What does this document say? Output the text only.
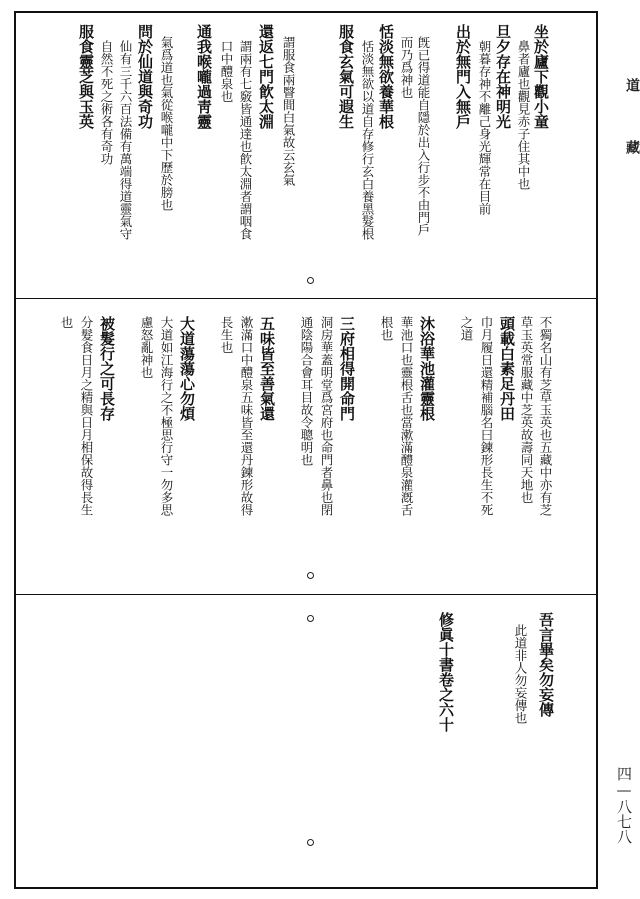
坐於廬下觀小童
鼻者廬也觀見赤子住其中也
旦夕存在神明光
朝暮存神不離己身光輝常在目前
出於無門入無戶
旣已得道能自隱於出入行步不由門戶
而乃爲神也
恬淡無欲養華根
恬淡無欲以道自存修行玄白養黑髮根
服食玄氣可遐生
謂服食兩瞖間白氣故云玄氣
還返七門飮太淵
謂兩有七竅皆通達也飮太淵者謂咽食
口中醴泉也
通我喉嚨過靑靈
氣爲道也氣從喉嚨中下歷於膀也
問於仙道與奇功
仙有三千六百法備有萬端得道靈氣守
自然不死之術各有奇功
服食靈芝與玉英
不獨名山有芝草玉英也五藏中亦有芝
草玉英常服藏中芝英故壽同天地也
頭載白素足丹田
巾月履日還精補腦名曰鍊形長生不死
之道
沐浴華池灌靈根
華池口也靈根舌也當漱滿醴泉灌漑舌
根也
三府相得開命門
洞房華蓋明堂爲宮府也命門者鼻也閉
通陰陽合會耳目故令聰明也
五味皆至善氣還
漱滿口中醴泉五味皆至還丹鍊形故得
長生也
大道蕩蕩心勿煩
大道如江海行之不極思行守一勿多思
慮怒亂神也
被髮行之可長存
分髮食日月之精與日月相保故得長生
也
吾言畢矣勿妄傳
此道非人勿妄傳也
修眞十書卷之六十
道
藏
四—八七八
